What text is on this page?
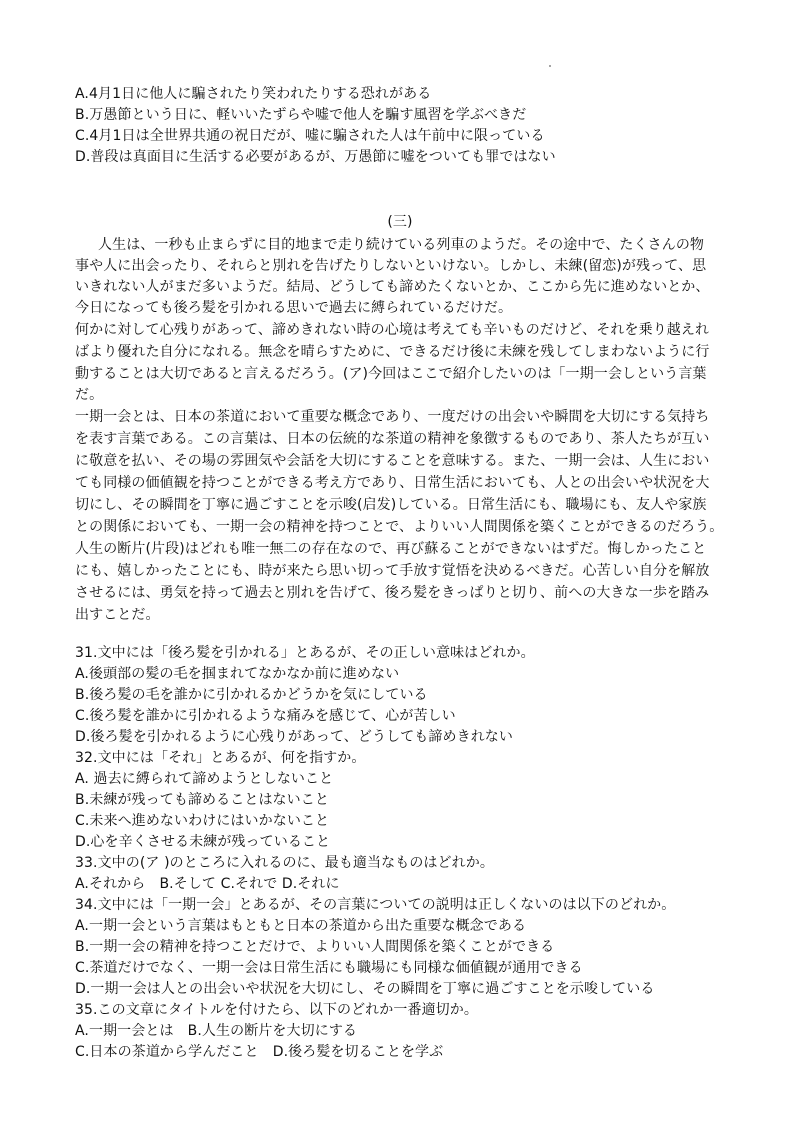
A.4月1日に他人に騙されたり笑われたりする恐れがある
B.万愚節という日に、軽いいたずらや嘘で他人を騙す風習を学ぶべきだ
C.4月1日は全世界共通の祝日だが、嘘に騙された人は午前中に限っている
D.普段は真面目に生活する必要があるが、万愚節に嘘をついても罪ではない
(三)
人生は、一秒も止まらずに目的地まで走り続けている列車のようだ。その途中で、たくさんの物
事や人に出会ったり、それらと別れを告げたりしないといけない。しかし、未練(留恋)が残って、思
いきれない人がまだ多いようだ。結局、どうしても諦めたくないとか、ここから先に進めないとか、
今日になっても後ろ髪を引かれる思いで過去に縛られているだけだ。
何かに対して心残りがあって、諦めきれない時の心境は考えても辛いものだけど、それを乗り越えれ
ばより優れた自分になれる。無念を晴らすために、できるだけ後に未練を残してしまわないように行
動することは大切であると言えるだろう。(ア)今回はここで紹介したいのは「一期一会しという言葉
だ。
一期一会とは、日本の茶道において重要な概念であり、一度だけの出会いや瞬間を大切にする気持ち
を表す言葉である。この言葉は、日本の伝統的な茶道の精神を象徴するものであり、茶人たちが互い
に敬意を払い、その場の雰囲気や会話を大切にすることを意味する。また、一期一会は、人生におい
ても同様の価値観を持つことができる考え方であり、日常生活においても、人との出会いや状況を大
切にし、その瞬間を丁寧に過ごすことを示唆(启发)している。日常生活にも、職場にも、友人や家族
との関係においても、一期一会の精神を持つことで、よりいい人間関係を築くことができるのだろう。
人生の断片(片段)はどれも唯一無二の存在なので、再び蘇ることができないはずだ。悔しかったこと
にも、嬉しかったことにも、時が来たら思い切って手放す覚悟を決めるべきだ。心苦しい自分を解放
させるには、勇気を持って過去と別れを告げて、後ろ髪をきっぱりと切り、前への大きな一歩を踏み
出すことだ。
31.文中には「後ろ髪を引かれる」とあるが、その正しい意味はどれか。
A.後頭部の髪の毛を掴まれてなかなか前に進めない
B.後ろ髪の毛を誰かに引かれるかどうかを気にしている
C.後ろ髪を誰かに引かれるような痛みを感じて、心が苦しい
D.後ろ髪を引かれるように心残りがあって、どうしても諦めきれない
32.文中には「それ」とあるが、何を指すか。
A. 過去に縛られて諦めようとしないこと
B.未練が残っても諦めることはないこと
C.未来へ進めないわけにはいかないこと
D.心を辛くさせる未練が残っていること
33.文中の(ア )のところに入れるのに、最も適当なものはどれか。
A.それから　B.そして C.それで D.それに
34.文中には「一期一会」とあるが、その言葉についての説明は正しくないのは以下のどれか。
A.一期一会という言葉はもともと日本の茶道から出た重要な概念である
B.一期一会の精神を持つことだけで、よりいい人間関係を築くことができる
C.茶道だけでなく、一期一会は日常生活にも職場にも同様な価値観が通用できる
D.一期一会は人との出会いや状況を大切にし、その瞬間を丁寧に過ごすことを示唆している
35.この文章にタイトルを付けたら、以下のどれか一番適切か。
A.一期一会とは　B.人生の断片を大切にする
C.日本の茶道から学んだこと　D.後ろ髪を切ることを学ぶ
